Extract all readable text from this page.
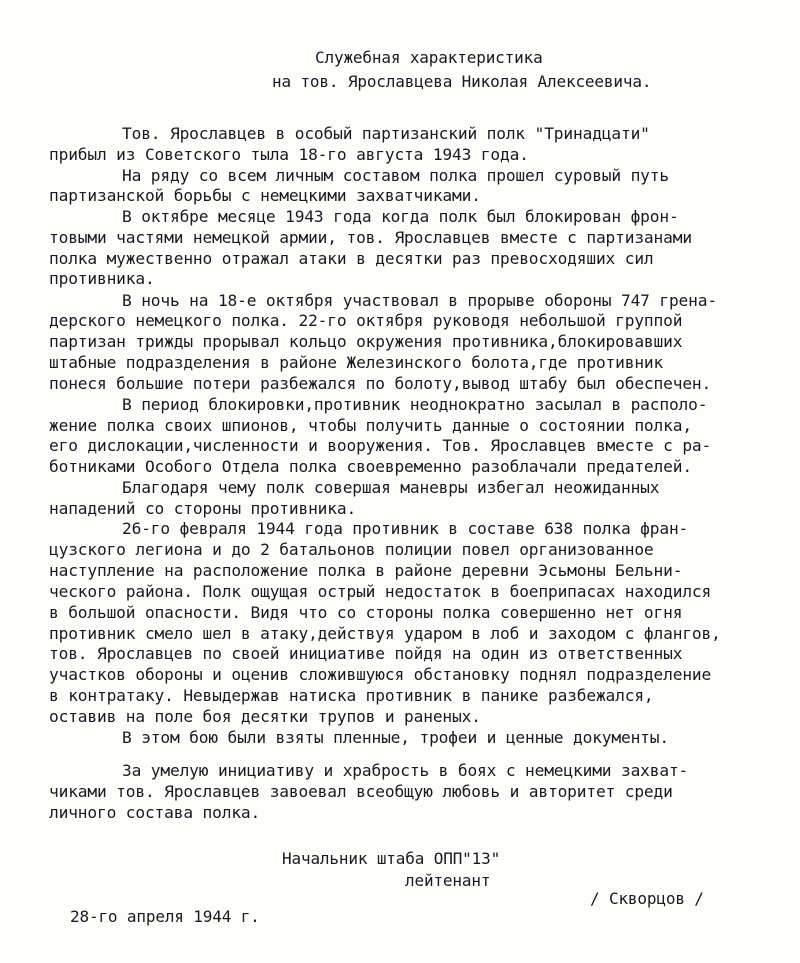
Служебная характеристика
на тов. Ярославцева Николая Алексеевича.
Тов. Ярославцев в особый партизанский полк "Тринадцати"
прибыл из Советского тыла 18-го августа 1943 года.
На ряду со всем личным составом полка прошел суровый путь
партизанской борьбы с немецкими захватчиками.
В октябре месяце 1943 года когда полк был блокирован фрон-
товыми частями немецкой армии, тов. Ярославцев вместе с партизанами
полка мужественно отражал атаки в десятки раз превосходяших сил
противника.
В ночь на 18-е октября участвовал в прорыве обороны 747 грена-
дерского немецкого полка. 22-го октября руководя небольшой группой
партизан трижды прорывал кольцо окружения противника,блокировавших
штабные подразделения в районе Железинского болота,где противник
понеся большие потери разбежался по болоту,вывод штабу был обеспечен.
В период блокировки,противник неоднократно засылал в располо-
жение полка своих шпионов, чтобы получить данные о состоянии полка,
его дислокации,численности и вооружения. Тов. Ярославцев вместе с ра-
ботниками Особого Отдела полка своевременно разоблачали предателей.
Благодаря чему полк совершая маневры избегал неожиданных
нападений со стороны противника.
26-го февраля 1944 года противник в составе 638 полка фран-
цузского легиона и до 2 батальонов полиции повел организованное
наступление на расположение полка в районе деревни Эсьмоны Бельни-
ческого района. Полк ощущая острый недостаток в боеприпасах находился
в большой опасности. Видя что со стороны полка совершенно нет огня
противник смело шел в атаку,действуя ударом в лоб и заходом с флангов,
тов. Ярославцев по своей инициативе пойдя на один из ответственных
участков обороны и оценив сложившуюся обстановку поднял подразделение
в контратаку. Невыдержав натиска противник в панике разбежался,
оставив на поле боя десятки трупов и раненых.
В этом бою были взяты пленные, трофеи и ценные документы.
За умелую инициативу и храбрость в боях с немецкими захват-
чиками тов. Ярославцев завоевал всеобщую любовь и авторитет среди
личного состава полка.
Начальник штаба ОПП"13"
лейтенант
/ Скворцов /
28-го апреля 1944 г.
